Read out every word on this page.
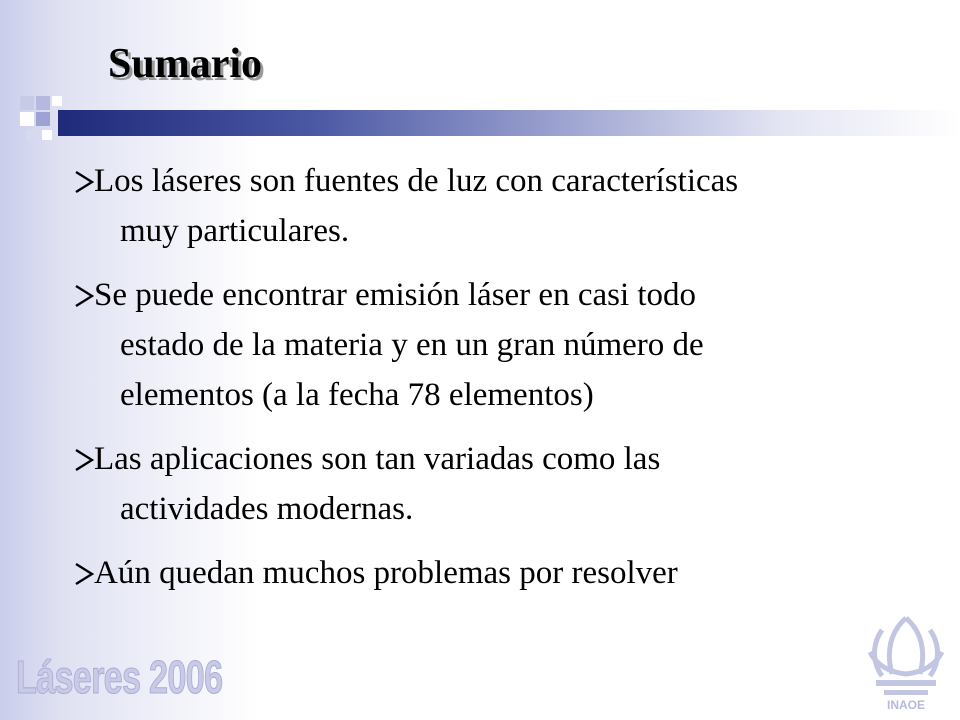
Sumario
Los láseres son fuentes de luz con características
muy particulares.
Se puede encontrar emisión láser en casi todo
estado de la materia y en un gran número de
elementos (a la fecha 78 elementos)
Las aplicaciones son tan variadas como las
actividades modernas.
Aún quedan muchos problemas por resolver
Láseres 2006
INAOE
